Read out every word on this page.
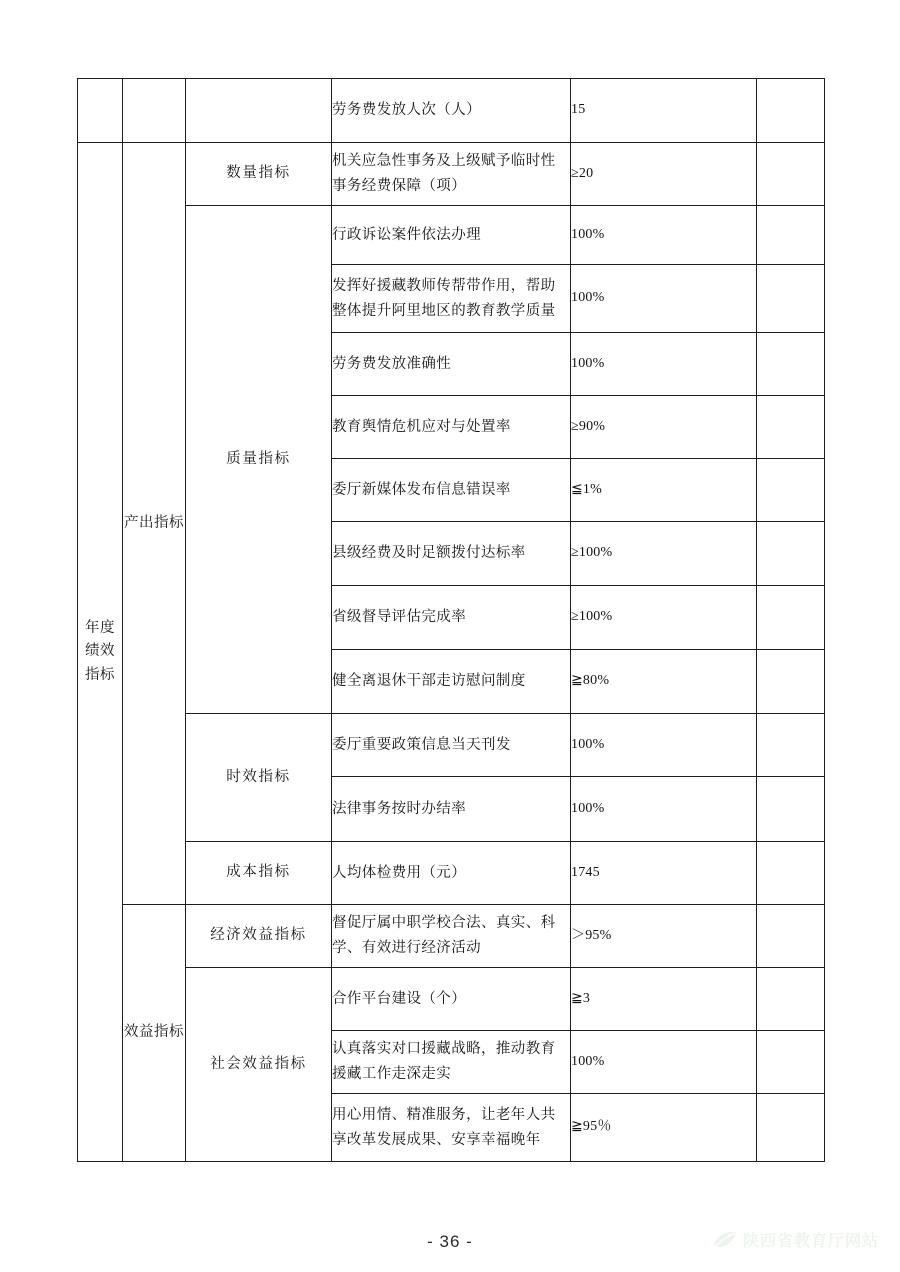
			劳务费发放人次（人）	15	
年度绩效指标	产出指标	数量指标	机关应急性事务及上级赋予临时性事务经费保障（项）	≥20	
		质量指标	行政诉讼案件依法办理	100%	
			发挥好援藏教师传帮带作用，帮助整体提升阿里地区的教育教学质量	100%	
			劳务费发放准确性	100%	
			教育舆情危机应对与处置率	≥90%	
			委厅新媒体发布信息错误率	≦1%	
			县级经费及时足额拨付达标率	≥100%	
			省级督导评估完成率	≥100%	
			健全离退休干部走访慰问制度	≧80%	
		时效指标	委厅重要政策信息当天刊发	100%	
			法律事务按时办结率	100%	
		成本指标	人均体检费用（元）	1745	
	效益指标	经济效益指标	督促厅属中职学校合法、真实、科学、有效进行经济活动	＞95%	
		社会效益指标	合作平台建设（个）	≧3	
			认真落实对口援藏战略，推动教育援藏工作走深走实	100%	
			用心用情、精准服务，让老年人共享改革发展成果、安享幸福晚年	≧95％	
- 36 -	陕西省教育厅网站
